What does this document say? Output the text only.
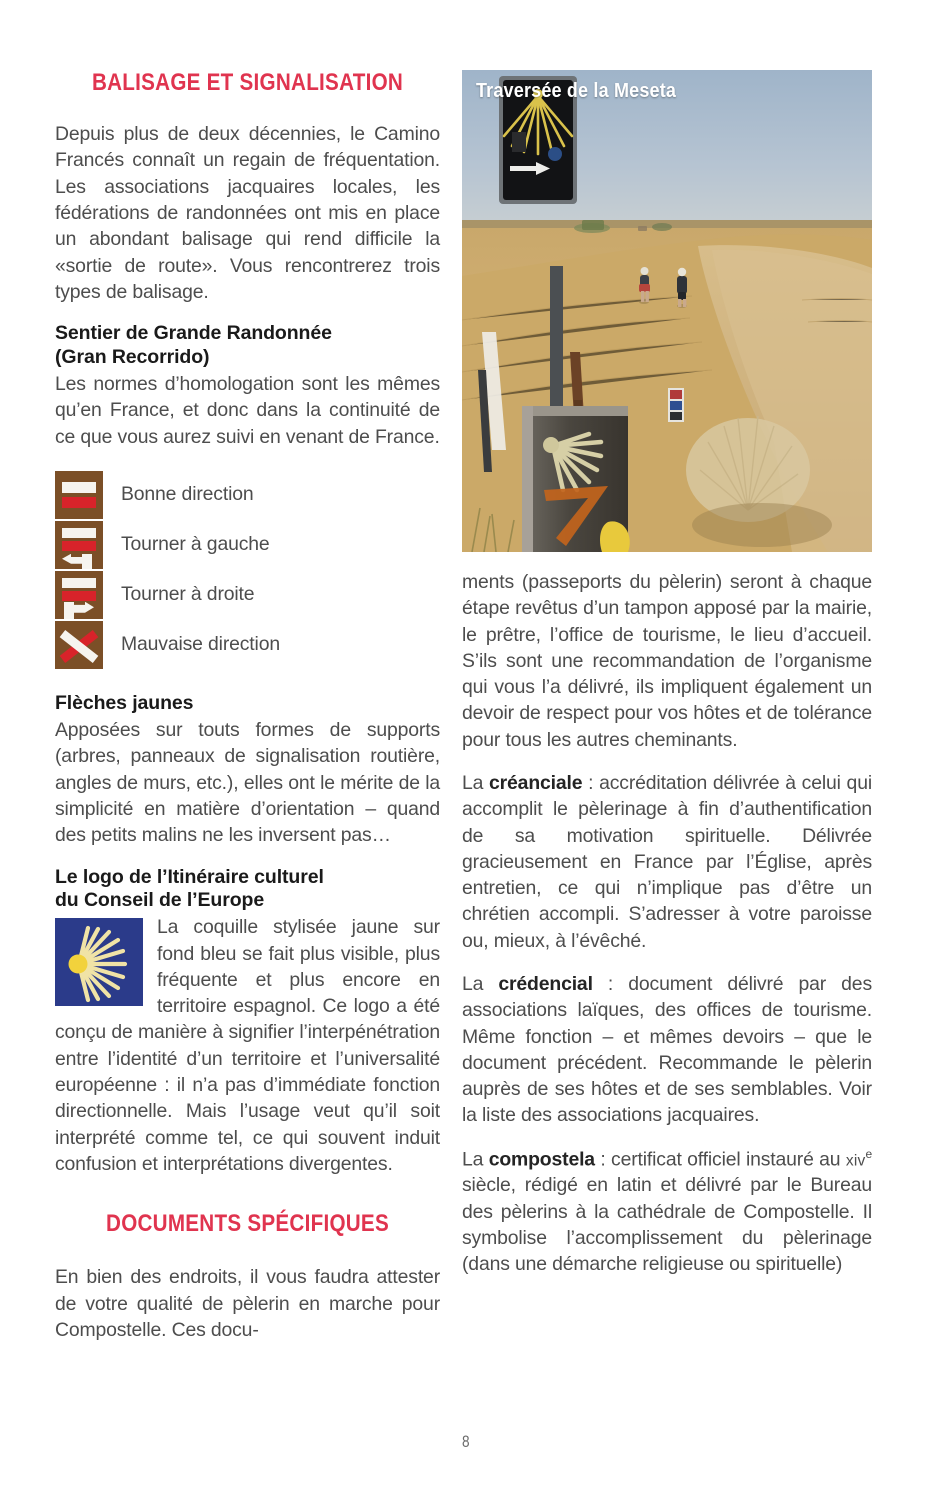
BALISAGE ET SIGNALISATION

Depuis plus de deux décennies, le Camino Francés connaît un regain de fréquentation. Les associations jacquaires locales, les fédérations de randonnées ont mis en place un abondant balisage qui rend difficile la «sortie de route». Vous rencontrerez trois types de balisage.

Sentier de Grande Randonnée
(Gran Recorrido)

Les normes d’homologation sont les mêmes qu’en France, et donc dans la continuité de ce que vous aurez suivi en venant de France.

Bonne direction
Tourner à gauche
Tourner à droite
Mauvaise direction
Flèches jaunes

Apposées sur touts formes de supports (arbres, panneaux de signalisation routière, angles de murs, etc.), elles ont le mérite de la simplicité en matière d’orientation – quand des petits malins ne les inversent pas…

Le logo de l’Itinéraire culturel
du Conseil de l’Europe

La coquille stylisée jaune sur fond bleu se fait plus visible, plus fréquente et plus encore en territoire espagnol. Ce logo a été conçu de manière à signifier l’interpénétration entre l’identité d’un territoire et l’universalité européenne : il n’a pas d’immédiate fonction directionnelle. Mais l’usage veut qu’il soit interprété comme tel, ce qui souvent induit confusion et interprétations divergentes.

DOCUMENTS SPÉCIFIQUES

En bien des endroits, il vous faudra attester de votre qualité de pèlerin en marche pour Compostelle. Ces docu-

Traversée de la Meseta

ments (passeports du pèlerin) seront à chaque étape revêtus d’un tampon apposé par la mairie, le prêtre, l’office de tourisme, le lieu d’accueil. S’ils sont une recommandation de l’organisme qui vous l’a délivré, ils impliquent également un devoir de respect pour vos hôtes et de tolérance pour tous les autres cheminants.

La créanciale : accréditation délivrée à celui qui accomplit le pèlerinage à fin d’authentification de sa motivation spirituelle. Délivrée gracieusement en France par l’Église, après entretien, ce qui n’implique pas d’être un chrétien accompli. S’adresser à votre paroisse ou, mieux, à l’évêché.

La crédencial : document délivré par des associations laïques, des offices de tourisme. Même fonction – et mêmes devoirs – que le document précédent. Recommande le pèlerin auprès de ses hôtes et de ses semblables. Voir la liste des associations jacquaires.

La compostela : certificat officiel instauré au xiv$^e$ siècle, rédigé en latin et délivré par le Bureau des pèlerins à la cathédrale de Compostelle. Il symbolise l’accomplissement du pèlerinage (dans une démarche religieuse ou spirituelle)

8
